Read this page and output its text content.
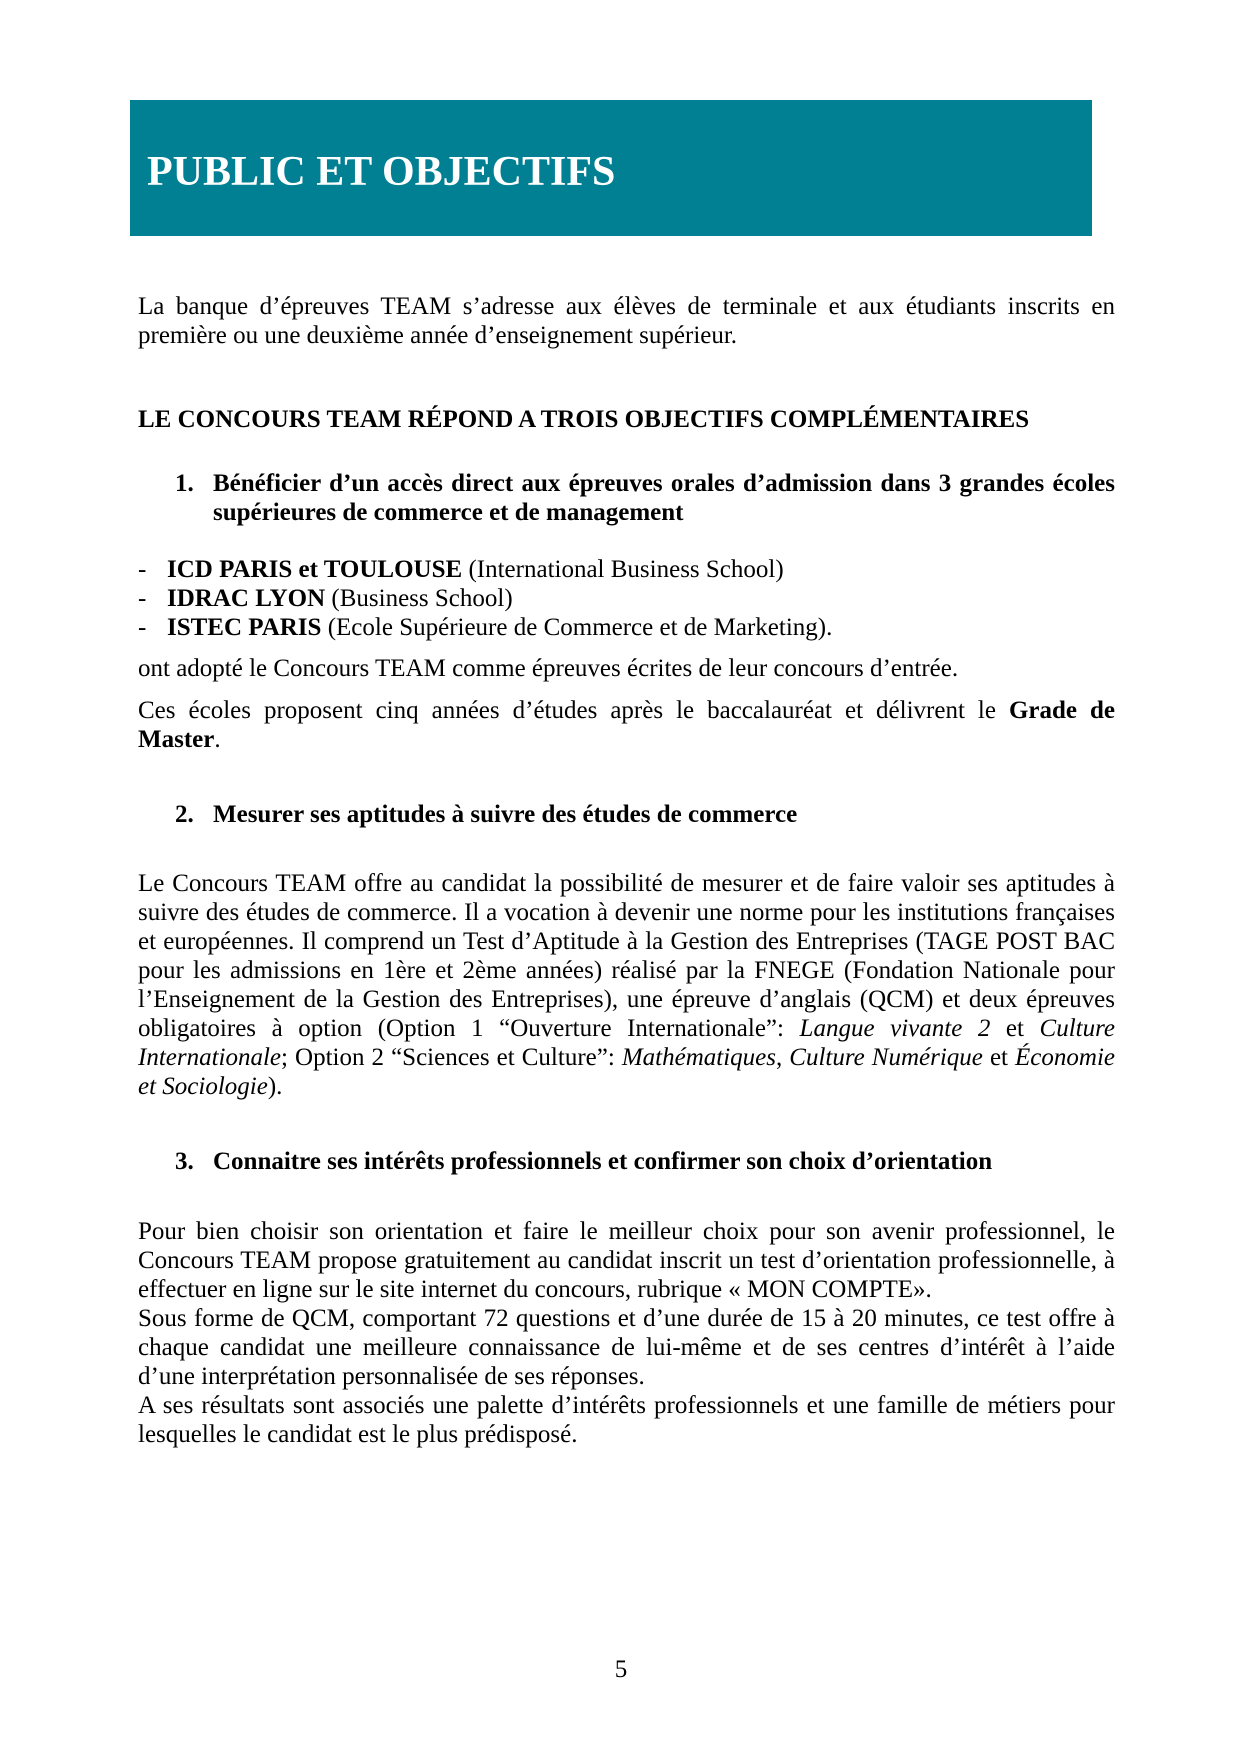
PUBLIC ET OBJECTIFS
La banque d’épreuves TEAM s’adresse aux élèves de terminale et aux étudiants inscrits en première ou une deuxième année d’enseignement supérieur.
LE CONCOURS TEAM RÉPOND A TROIS OBJECTIFS COMPLÉMENTAIRES
1. Bénéficier d’un accès direct aux épreuves orales d’admission dans 3 grandes écoles supérieures de commerce et de management
- ICD PARIS et TOULOUSE (International Business School)
- IDRAC LYON (Business School)
- ISTEC PARIS (Ecole Supérieure de Commerce et de Marketing).
ont adopté le Concours TEAM comme épreuves écrites de leur concours d’entrée.
Ces écoles proposent cinq années d’études après le baccalauréat et délivrent le Grade de Master.
2. Mesurer ses aptitudes à suivre des études de commerce
Le Concours TEAM offre au candidat la possibilité de mesurer et de faire valoir ses aptitudes à suivre des études de commerce. Il a vocation à devenir une norme pour les institutions françaises et européennes. Il comprend un Test d’Aptitude à la Gestion des Entreprises (TAGE POST BAC pour les admissions en 1ère et 2ème années) réalisé par la FNEGE (Fondation Nationale pour l’Enseignement de la Gestion des Entreprises), une épreuve d’anglais (QCM) et deux épreuves obligatoires à option (Option 1 “Ouverture Internationale”: Langue vivante 2 et Culture Internationale; Option 2 “Sciences et Culture”: Mathématiques, Culture Numérique et Économie et Sociologie).
3. Connaitre ses intérêts professionnels et confirmer son choix d’orientation
Pour bien choisir son orientation et faire le meilleur choix pour son avenir professionnel, le Concours TEAM propose gratuitement au candidat inscrit un test d’orientation professionnelle, à effectuer en ligne sur le site internet du concours, rubrique « MON COMPTE».
Sous forme de QCM, comportant 72 questions et d’une durée de 15 à 20 minutes, ce test offre à chaque candidat une meilleure connaissance de lui-même et de ses centres d’intérêt à l’aide d’une interprétation personnalisée de ses réponses.
A ses résultats sont associés une palette d’intérêts professionnels et une famille de métiers pour lesquelles le candidat est le plus prédisposé.
5
